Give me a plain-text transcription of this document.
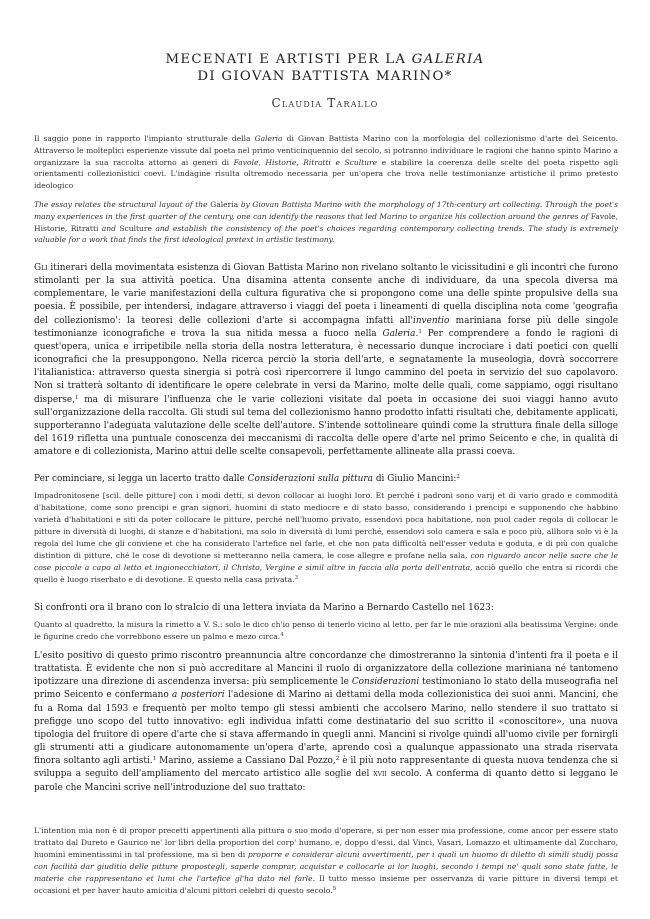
MECENATI E ARTISTI PER LA GALERIA
DI GIOVAN BATTISTA MARINO*
Claudia Tarallo

Il saggio pone in rapporto l'impianto strutturale della Galeria di Giovan Battista Marino con la morfologia del collezionismo d'arte del Seicento. Attraverso le molteplici esperienze vissute dal poeta nel primo venticinquennio del secolo, si potranno individuare le ragioni che hanno spinto Marino a organizzare la sua raccolta attorno ai generi di Favole, Historie, Ritratti e Sculture e stabilire la coerenza delle scelte del poeta rispetto agli orientamenti collezionistici coevi. L'indagine risulta oltremodo necessaria per un'opera che trova nelle testimonianze artistiche il primo pretesto ideologico

The essay relates the structural layout of the Galeria by Giovan Battista Marino with the morphology of 17th-century art collecting. Through the poet's many experiences in the first quarter of the century, one can identify the reasons that led Marino to organize his collection around the genres of Favole, Historie, Ritratti and Sculture and establish the consistency of the poet's choices regarding contemporary collecting trends. The study is extremely valuable for a work that finds the first ideological pretext in artistic testimony.

Gli itinerari della movimentata esistenza di Giovan Battista Marino non rivelano soltanto le vicissitudini e gli incontri che furono stimolanti per la sua attività poetica. Una disamina attenta consente anche di individuare, da una specola diversa ma complementare, le varie manifestazioni della cultura figurativa che si propongono come una delle spinte propulsive della sua poesia. È possibile, per intendersi, indagare attraverso i viaggi del poeta i lineamenti di quella disciplina nota come 'geografia del collezionismo': la teoresi delle collezioni d'arte si accompagna infatti all'inventio mariniana forse più delle singole testimonianze iconografiche e trova la sua nitida messa a fuoco nella Galeria.$^1$ Per comprendere a fondo le ragioni di quest'opera, unica e irripetibile nella storia della nostra letteratura, è necessario dunque incrociare i dati poetici con quelli iconografici che la presuppongono. Nella ricerca perciò la storia dell'arte, e segnatamente la museologia, dovrà soccorrere l'italianistica: attraverso questa sinergia si potrà così ripercorrere il lungo cammino del poeta in servizio del suo capolavoro. Non si tratterà soltanto di identificare le opere celebrate in versi da Marino, molte delle quali, come sappiamo, oggi risultano disperse,$^1$ ma di misurare l'influenza che le varie collezioni visitate dal poeta in occasione dei suoi viaggi hanno avuto sull'organizzazione della raccolta. Gli studi sul tema del collezionismo hanno prodotto infatti risultati che, debitamente applicati, supporteranno l'adeguata valutazione delle scelte dell'autore. S'intende sottolineare quindi come la struttura finale della silloge del 1619 rifletta una puntuale conoscenza dei meccanismi di raccolta delle opere d'arte nel primo Seicento e che, in qualità di amatore e di collezionista, Marino attui delle scelte consapevoli, perfettamente allineate alla prassi coeva.

Per cominciare, si legga un lacerto tratto dalle Considerazioni sulla pittura di Giulio Mancini:$^2$

Impadronitosene [scil. delle pitture] con i modi detti, si devon collocar ai luoghi loro. Et perché i padroni sono varij et di vario grado e commodità d'habitatione, come sono prencipi e gran signori, huomini di stato mediocre e di stato basso, considerando i prencipi e supponendo che habbino varietà d'habitationi e siti da poter collocare le pitture, perché nell'huomo privato, essendovi poca habitatione, non puol cader regola di collocar le pitture in diversità di luoghi, di stanze e d'habitationi, ma solo in diversità di lumi perché, essendovi solo camera e sala e poco più, allhora solo vi è la regola del lume che gli conviene et che ha considerato l'artefice nel farle, et che non pata difficoltà nell'esser veduta e goduta, e di più con qualche distintion di pitture, ché le cose di devotione si metteranno nella camera, le cose allegre e profane nella sala, con riguardo ancor nelle sacre che le cose piccole a capo al letto et ingionecchiatori, il Christo, Vergine e simil altre in faccia alla porta dell'entrata, acciò quello che entra si ricordi che quello è luogo riserbato e di devotione. E questo nella casa privata.$^3$

Si confronti ora il brano con lo stralcio di una lettera inviata da Marino a Bernardo Castello nel 1623:

Quanto al quadretto, la misura la rimetto a V. S.: solo le dico ch'io penso di tenerlo vicino al letto, per far le mie orazioni alla beatissima Vergine; onde le figurine credo che vorrebbono essere un palmo e mezo circa.$^4$

L'esito positivo di questo primo riscontro preannuncia altre concordanze che dimostreranno la sintonia d'intenti fra il poeta e il trattatista. È evidente che non si può accreditare al Mancini il ruolo di organizzatore della collezione mariniana né tantomeno ipotizzare una direzione di ascendenza inversa: più semplicemente le Considerazioni testimoniano lo stato della museografia nel primo Seicento e confermano a posteriori l'adesione di Marino ai dettami della moda collezionistica dei suoi anni. Mancini, che fu a Roma dal 1593 e frequentò per molto tempo gli stessi ambienti che accolsero Marino, nello stendere il suo trattato si prefigge uno scopo del tutto innovativo: egli individua infatti come destinatario del suo scritto il «conoscitore», una nuova tipologia del fruitore di opere d'arte che si stava affermando in quegli anni. Mancini si rivolge quindi all'uomo civile per fornirgli gli strumenti atti a giudicare autonomamente un'opera d'arte, aprendo così a qualunque appassionato una strada riservata finora soltanto agli artisti.$^1$ Marino, assieme a Cassiano Dal Pozzo,$^2$ è il più noto rappresentante di questa nuova tendenza che si sviluppa a seguito dell'ampliamento del mercato artistico alle soglie del xvii secolo. A conferma di quanto detto si leggano le parole che Mancini scrive nell'introduzione del suo trattato:

L'intention mia non è di propor precetti appertinenti alla pittura o suo modo d'operare, si per non esser mia professione, come ancor per essere stato trattato dal Dureto e Gaurico ne' lor libri della proportion del corp' humano, e, doppo d'essi, dal Vinci, Vasari, Lomazzo et ultimamente dal Zuccharo, huomini eminentissimi in tal professione, ma si ben di proporre e considerar alcuni avvertimenti, per i quali un huomo di diletto di simili studij possa con facilità dar giuditio delle pitture propostegli, saperle comprar, acquistar e collocarle ai lor luoghi, secondo i tempi ne' quali sono state fatte, le materie che rappresentano et lumi che l'artefice gl'ha dato nel farle. Il tutto messo insieme per osservanza di varie pitture in diversi tempi et occasioni et per haver hauto amicitia d'alcuni pittori celebri di questo secolo.$^5$
